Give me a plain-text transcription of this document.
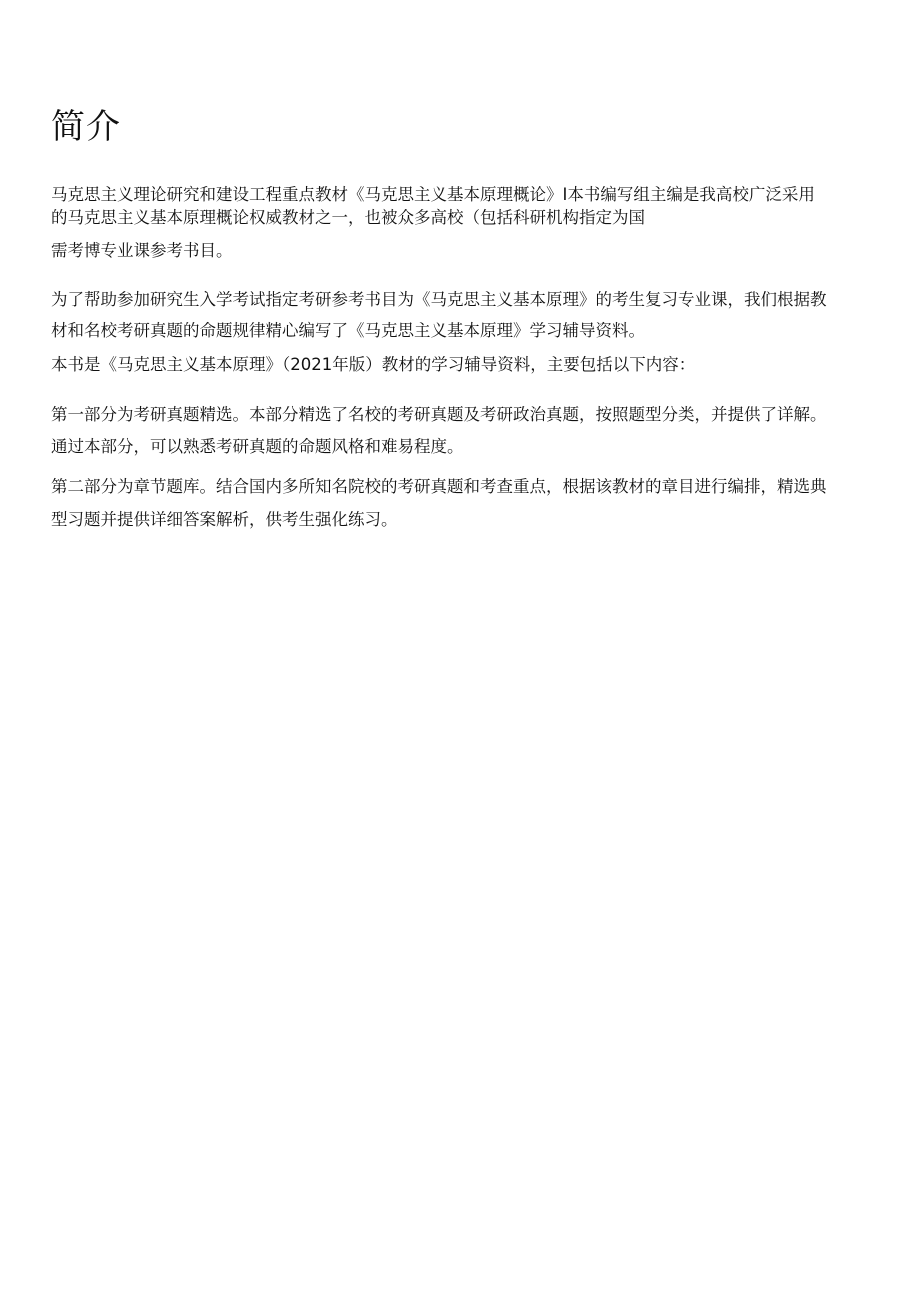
简介

马克思主义理论研究和建设工程重点教材《马克思主义基本原理概论》I本书编写组主编是我高校广泛采用

的马克思主义基本原理概论权威教材之一，也被众多高校（包括科研机构指定为国

需考博专业课参考书目。

为了帮助参加研究生入学考试指定考研参考书目为《马克思主义基本原理》的考生复习专业课，我们根据教

材和名校考研真题的命题规律精心编写了《马克思主义基本原理》学习辅导资料。

本书是《马克思主义基本原理》（2021年版）教材的学习辅导资料，主要包括以下内容：

第一部分为考研真题精选。本部分精选了名校的考研真题及考研政治真题，按照题型分类，并提供了详解。

通过本部分，可以熟悉考研真题的命题风格和难易程度。

第二部分为章节题库。结合国内多所知名院校的考研真题和考查重点，根据该教材的章目进行编排，精选典

型习题并提供详细答案解析，供考生强化练习。
